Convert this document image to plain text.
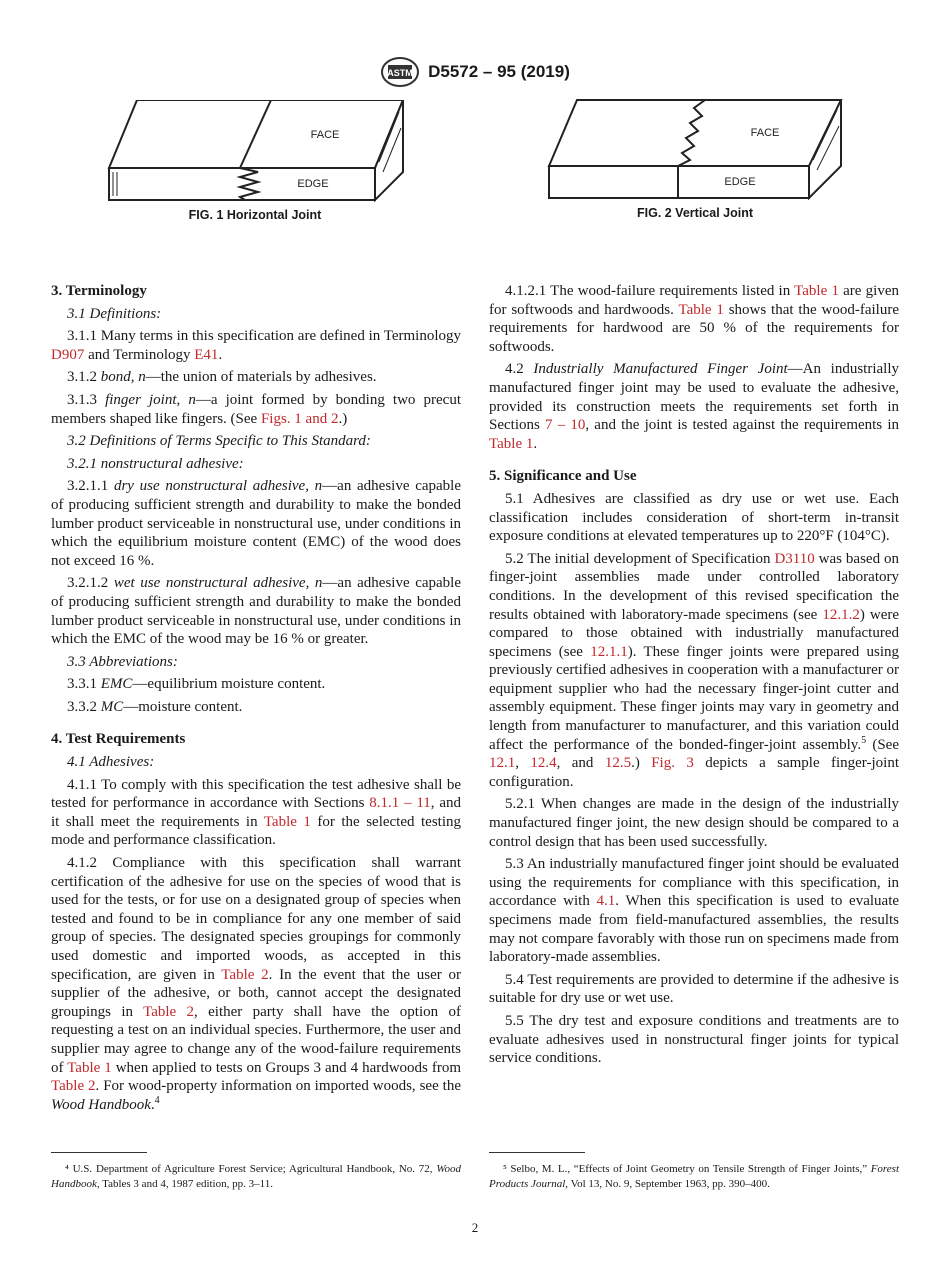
ASTM D5572 – 95 (2019)
FACE
EDGE
FIG. 1 Horizontal Joint
FACE
EDGE
FIG. 2 Vertical Joint
3. Terminology

3.1 Definitions:

3.1.1 Many terms in this specification are defined in Terminology D907 and Terminology E41.

3.1.2 bond, n—the union of materials by adhesives.

3.1.3 finger joint, n—a joint formed by bonding two precut members shaped like fingers. (See Figs. 1 and 2.)

3.2 Definitions of Terms Specific to This Standard:

3.2.1 nonstructural adhesive:

3.2.1.1 dry use nonstructural adhesive, n—an adhesive capable of producing sufficient strength and durability to make the bonded lumber product serviceable in nonstructural use, under conditions in which the equilibrium moisture content (EMC) of the wood does not exceed 16 %.

3.2.1.2 wet use nonstructural adhesive, n—an adhesive capable of producing sufficient strength and durability to make the bonded lumber product serviceable in nonstructural use, under conditions in which the EMC of the wood may be 16 % or greater.

3.3 Abbreviations:

3.3.1 EMC—equilibrium moisture content.

3.3.2 MC—moisture content.

4. Test Requirements

4.1 Adhesives:

4.1.1 To comply with this specification the test adhesive shall be tested for performance in accordance with Sections 8.1.1 – 11, and it shall meet the requirements in Table 1 for the selected testing mode and performance classification.

4.1.2 Compliance with this specification shall warrant certification of the adhesive for use on the species of wood that is used for the tests, or for use on a designated group of species when tested and found to be in compliance for any one member of said group of species. The designated species groupings for commonly used domestic and imported woods, as accepted in this specification, are given in Table 2. In the event that the user or supplier of the adhesive, or both, cannot accept the designated groupings in Table 2, either party shall have the option of requesting a test on an individual species. Furthermore, the user and supplier may agree to change any of the wood-failure requirements of Table 1 when applied to tests on Groups 3 and 4 hardwoods from Table 2. For wood-property information on imported woods, see the Wood Handbook.$^4$

4.1.2.1 The wood-failure requirements listed in Table 1 are given for softwoods and hardwoods. Table 1 shows that the wood-failure requirements for hardwood are 50 % of the requirements for softwoods.

4.2 Industrially Manufactured Finger Joint—An industrially manufactured finger joint may be used to evaluate the adhesive, provided its construction meets the requirements set forth in Sections 7 – 10, and the joint is tested against the requirements in Table 1.

5. Significance and Use

5.1 Adhesives are classified as dry use or wet use. Each classification includes consideration of short-term in-transit exposure conditions at elevated temperatures up to 220°F (104°C).

5.2 The initial development of Specification D3110 was based on finger-joint assemblies made under controlled laboratory conditions. In the development of this revised specification the results obtained with laboratory-made specimens (see 12.1.2) were compared to those obtained with industrially manufactured specimens (see 12.1.1). These finger joints were prepared using previously certified adhesives in cooperation with a manufacturer or equipment supplier who had the necessary finger-joint cutter and assembly equipment. These finger joints may vary in geometry and length from manufacturer to manufacturer, and this variation could affect the performance of the bonded-finger-joint assembly.$^5$ (See 12.1, 12.4, and 12.5.) Fig. 3 depicts a sample finger-joint configuration.

5.2.1 When changes are made in the design of the industrially manufactured finger joint, the new design should be compared to a control design that has been used successfully.

5.3 An industrially manufactured finger joint should be evaluated using the requirements for compliance with this specification, in accordance with 4.1. When this specification is used to evaluate specimens made from field-manufactured assemblies, the results may not compare favorably with those run on specimens made from laboratory-made assemblies.

5.4 Test requirements are provided to determine if the adhesive is suitable for dry use or wet use.

5.5 The dry test and exposure conditions and treatments are to evaluate adhesives used in nonstructural finger joints for typical service conditions.

⁴ U.S. Department of Agriculture Forest Service; Agricultural Handbook, No. 72, Wood Handbook, Tables 3 and 4, 1987 edition, pp. 3–11.
⁵ Selbo, M. L., “Effects of Joint Geometry on Tensile Strength of Finger Joints,” Forest Products Journal, Vol 13, No. 9, September 1963, pp. 390–400.
2
